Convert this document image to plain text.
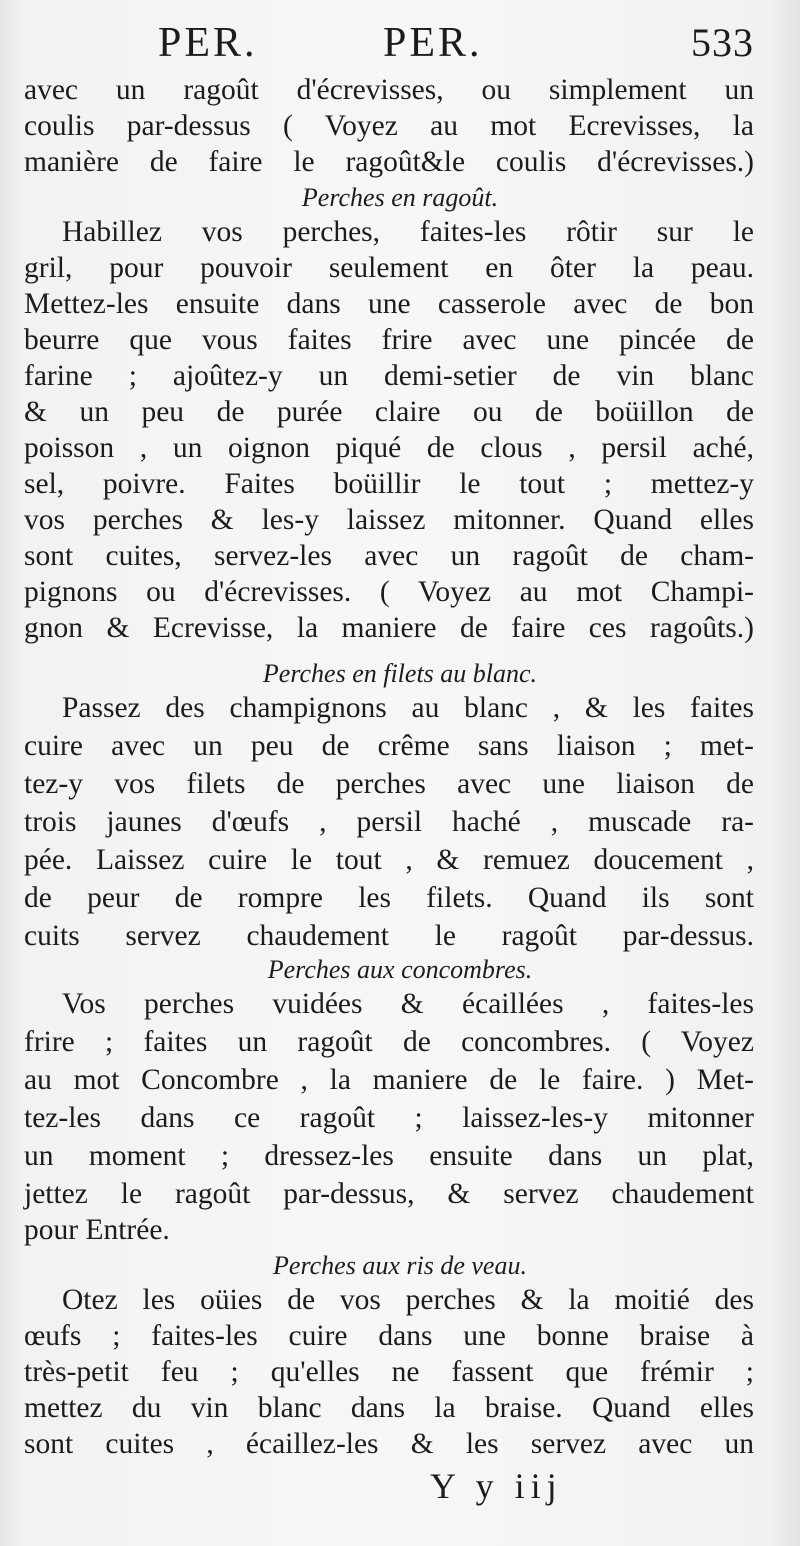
PER.	PER.	533
avec un ragoût d'écrevisses, ou simplement un
coulis par-dessus ( Voyez au mot Ecrevisses, la
manière de faire le ragoût&le coulis d'écrevisses.)
Perches en ragoût.
Habillez vos perches, faites-les rôtir sur le
gril, pour pouvoir seulement en ôter la peau.
Mettez-les ensuite dans une casserole avec de bon
beurre que vous faites frire avec une pincée de
farine ; ajoûtez-y un demi-setier de vin blanc
& un peu de purée claire ou de boüillon de
poisson , un oignon piqué de clous , persil aché,
sel, poivre. Faites boüillir le tout ; mettez-y
vos perches & les-y laissez mitonner. Quand elles
sont cuites, servez-les avec un ragoût de cham-
pignons ou d'écrevisses. ( Voyez au mot Champi-
gnon & Ecrevisse, la maniere de faire ces ragoûts.)
Perches en filets au blanc.
Passez des champignons au blanc , & les faites
cuire avec un peu de crême sans liaison ; met-
tez-y vos filets de perches avec une liaison de
trois jaunes d'œufs , persil haché , muscade ra-
pée. Laissez cuire le tout , & remuez doucement ,
de peur de rompre les filets. Quand ils sont
cuits servez chaudement le ragoût par-dessus.
Perches aux concombres.
Vos perches vuidées & écaillées , faites-les
frire ; faites un ragoût de concombres. ( Voyez
au mot Concombre , la maniere de le faire. ) Met-
tez-les dans ce ragoût ; laissez-les-y mitonner
un moment ; dressez-les ensuite dans un plat,
jettez le ragoût par-dessus, & servez chaudement
pour Entrée.
Perches aux ris de veau.
Otez les oüies de vos perches & la moitié des
œufs ; faites-les cuire dans une bonne braise à
très-petit feu ; qu'elles ne fassent que frémir ;
mettez du vin blanc dans la braise. Quand elles
sont cuites , écaillez-les & les servez avec un
Y y iij
